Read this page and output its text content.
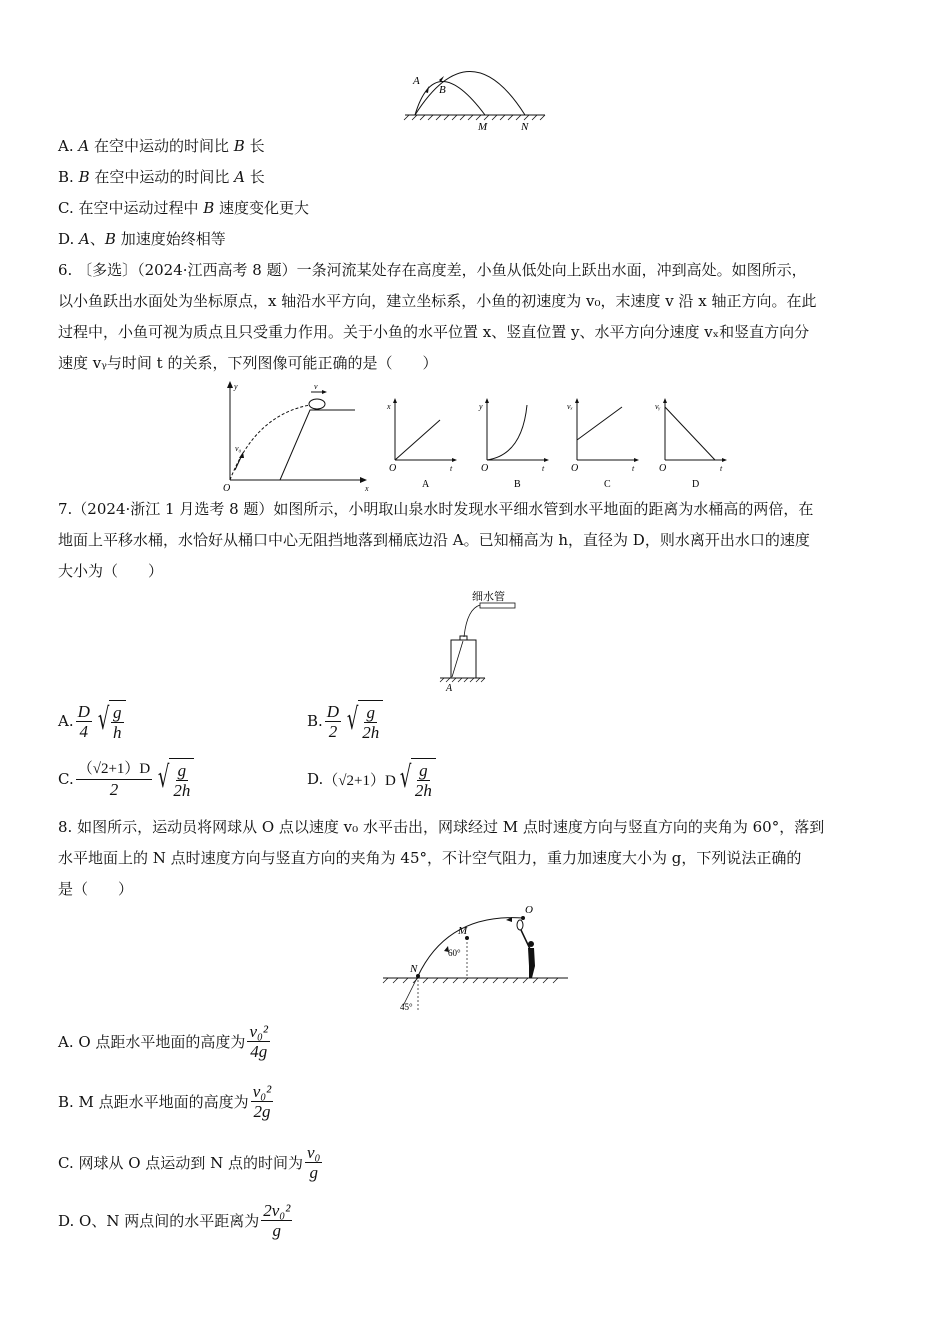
A
B
M	N
A. A 在空中运动的时间比 B 长
B. B 在空中运动的时间比 A 长
C. 在空中运动过程中 B 速度变化更大
D. A、B 加速度始终相等
6. 〔多选〕（2024·江西高考 8 题）一条河流某处存在高度差，小鱼从低处向上跃出水面，冲到高处。如图所示，
以小鱼跃出水面处为坐标原点，x 轴沿水平方向，建立坐标系，小鱼的初速度为 v₀，末速度 v 沿 x 轴正方向。在此
过程中，小鱼可视为质点且只受重力作用。关于小鱼的水平位置 x、竖直位置 y、水平方向分速度 vₓ和竖直方向分
速度 vᵧ与时间 t 的关系，下列图像可能正确的是（　　）
y
x
O
v
v₀
x
t
O
A
y
t
O
B
vₓ
t
O
C
vᵧ
t
O
D
7.（2024·浙江 1 月选考 8 题）如图所示，小明取山泉水时发现水平细水管到水平地面的距离为水桶高的两倍，在
地面上平移水桶，水恰好从桶口中心无阻挡地落到桶底边沿 A。已知桶高为 h，直径为 D，则水离开出水口的速度
大小为（　　）
细水管
A
A. $\frac{D}{4}$ √ $\frac{g}{h}$	B. $\frac{D}{2}$ √ $\frac{g}{2h}$
C. $\frac{(√2+1)D}{2}$ √ $\frac{g}{2h}$	D. （√2+1）D √ $\frac{g}{2h}$
8. 如图所示，运动员将网球从 O 点以速度 v₀ 水平击出，网球经过 M 点时速度方向与竖直方向的夹角为 60°，落到
水平地面上的 N 点时速度方向与竖直方向的夹角为 45°，不计空气阻力，重力加速度大小为 g，下列说法正确的
是（　　）
O
M
N
60°
45°
A. O 点距水平地面的高度为 $\frac{\text{v₀²}}{4g}$
B. M 点距水平地面的高度为 $\frac{\text{v₀²}}{2g}$
C. 网球从 O 点运动到 N 点的时间为 $\frac{\text{v₀}}{g}$
D. O、N 两点间的水平距离为 $\frac{\text{2v₀²}}{g}$
